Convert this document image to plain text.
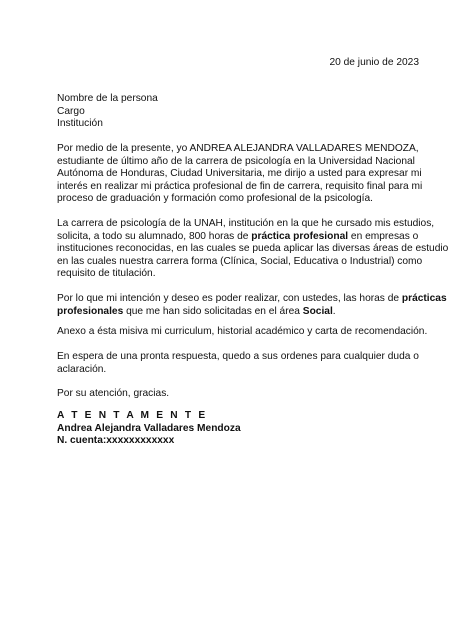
20 de junio de 2023
Nombre de la persona
Cargo
Institución
Por medio de la presente, yo ANDREA ALEJANDRA VALLADARES MENDOZA,
estudiante de último año de la carrera de psicología en la Universidad Nacional
Autónoma de Honduras, Ciudad Universitaria, me dirijo a usted para expresar mi
interés en realizar mi práctica profesional de fin de carrera, requisito final para mi
proceso de graduación y formación como profesional de la psicología.
La carrera de psicología de la UNAH, institución en la que he cursado mis estudios,
solicita, a todo su alumnado, 800 horas de práctica profesional en empresas o
instituciones reconocidas, en las cuales se pueda aplicar las diversas áreas de estudio
en las cuales nuestra carrera forma (Clínica, Social, Educativa o Industrial) como
requisito de titulación.
Por lo que mi intención y deseo es poder realizar, con ustedes, las horas de prácticas
profesionales que me han sido solicitadas en el área Social.
Anexo a ésta misiva mi curriculum, historial académico y carta de recomendación.
En espera de una pronta respuesta, quedo a sus ordenes para cualquier duda o
aclaración.
Por su atención, gracias.
A T E N T A M E N T E
Andrea Alejandra Valladares Mendoza
N. cuenta:xxxxxxxxxxxx
